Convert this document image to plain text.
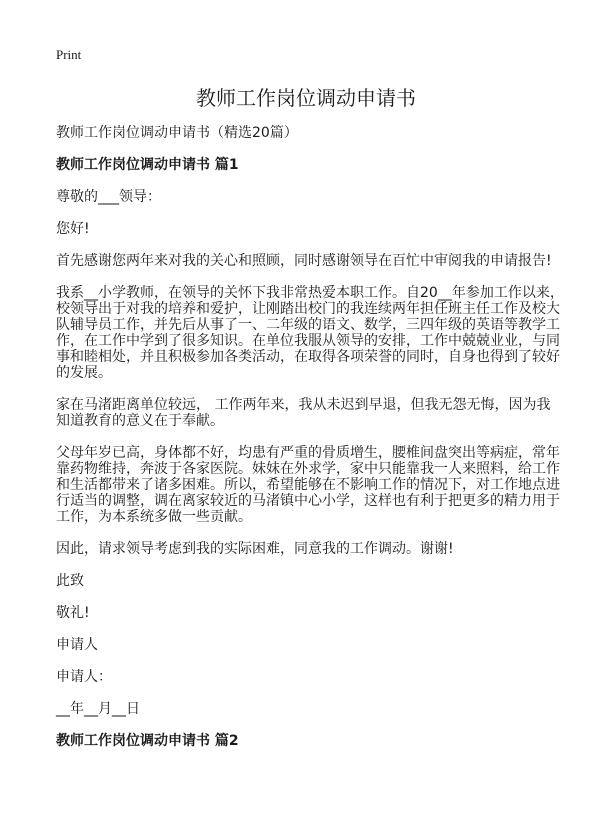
Print
教师工作岗位调动申请书

教师工作岗位调动申请书（精选20篇）

教师工作岗位调动申请书 篇1

尊敬的___领导：

您好!

首先感谢您两年来对我的关心和照顾，同时感谢领导在百忙中审阅我的申请报告!

我系__小学教师，在领导的关怀下我非常热爱本职工作。自20__年参加工作以来，
校领导出于对我的培养和爱护，让刚踏出校门的我连续两年担任班主任工作及校大
队辅导员工作，并先后从事了一、二年级的语文、数学，三四年级的英语等教学工
作，在工作中学到了很多知识。在单位我服从领导的安排，工作中兢兢业业，与同
事和睦相处，并且积极参加各类活动，在取得各项荣誉的同时，自身也得到了较好
的发展。

家在马渚距离单位较远， 工作两年来，我从未迟到早退，但我无怨无悔，因为我
知道教育的意义在于奉献。

父母年岁已高，身体都不好，均患有严重的骨质增生，腰椎间盘突出等病症，常年
靠药物维持，奔波于各家医院。妹妹在外求学，家中只能靠我一人来照料，给工作
和生活都带来了诸多困难。所以，希望能够在不影响工作的情况下，对工作地点进
行适当的调整，调在离家较近的马渚镇中心小学，这样也有利于把更多的精力用于
工作，为本系统多做一些贡献。

因此，请求领导考虑到我的实际困难，同意我的工作调动。谢谢!

此致

敬礼!

申请人

申请人：

__年__月__日

教师工作岗位调动申请书 篇2
